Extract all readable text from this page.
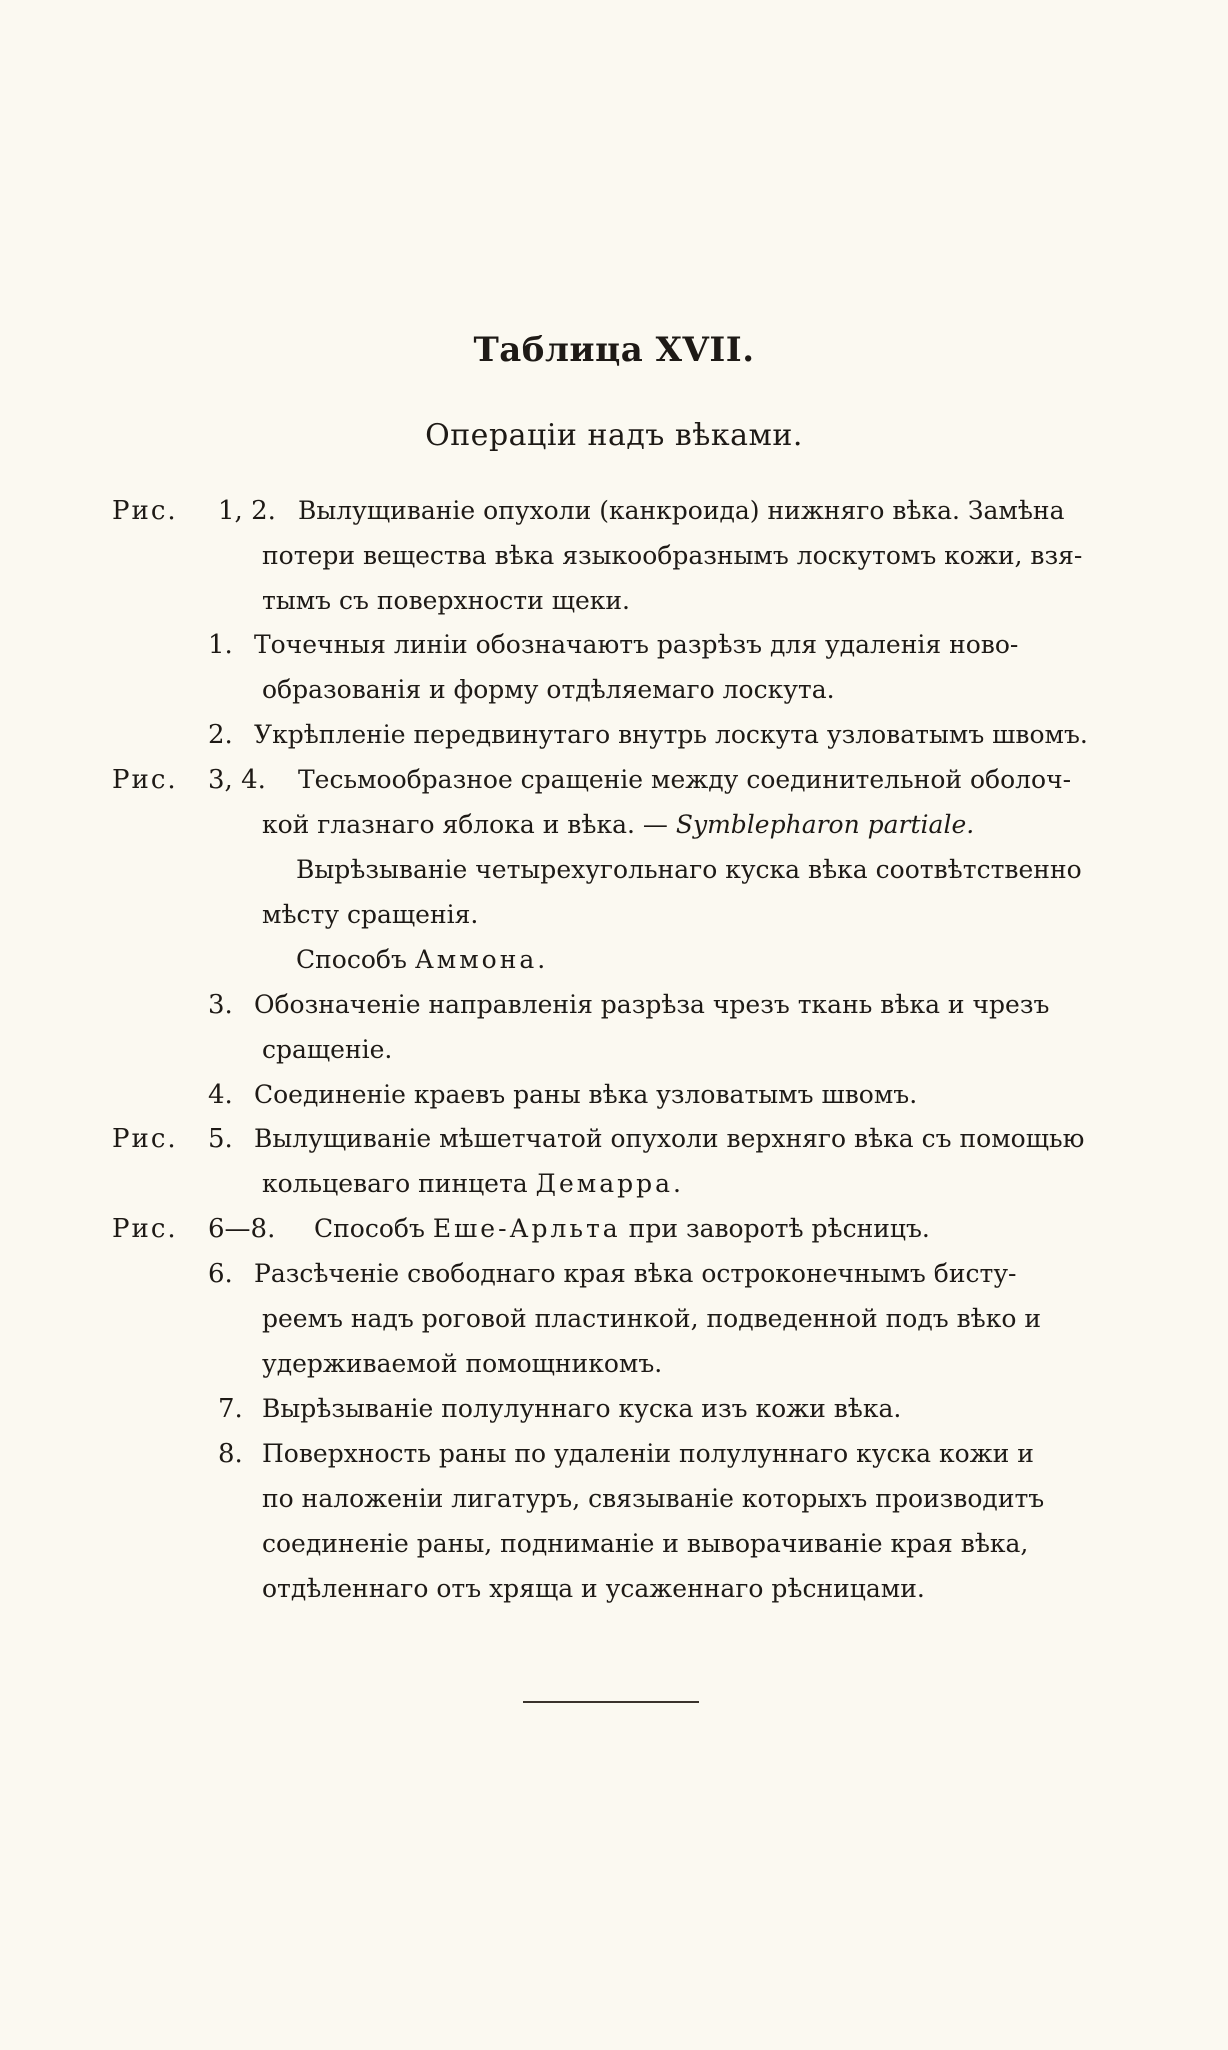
Таблица XVII.
Операціи надъ вѣками.
Рис. 1, 2. Вылущиваніе опухоли (канкроида) нижняго вѣка. Замѣна
потери вещества вѣка языкообразнымъ лоскутомъ кожи, взя-
тымъ съ поверхности щеки.
1. Точечныя линіи обозначаютъ разрѣзъ для удаленія ново-
образованія и форму отдѣляемаго лоскута.
2. Укрѣпленіе передвинутаго внутрь лоскута узловатымъ швомъ.
Рис. 3, 4. Тесьмообразное сращеніе между соединительной оболоч-
кой глазнаго яблока и вѣка. — Symblepharon partiale.
Вырѣзываніе четырехугольнаго куска вѣка соотвѣтственно
мѣсту сращенія.
Способъ Аммона.
3. Обозначеніе направленія разрѣза чрезъ ткань вѣка и чрезъ
сращеніе.
4. Соединеніе краевъ раны вѣка узловатымъ швомъ.
Рис. 5. Вылущиваніе мѣшетчатой опухоли верхняго вѣка съ помощью
кольцеваго пинцета Демарра.
Рис. 6—8. Способъ Еше-Арльта при заворотѣ рѣсницъ.
6. Разсѣченіе свободнаго края вѣка остроконечнымъ бисту-
реемъ надъ роговой пластинкой, подведенной подъ вѣко и
удерживаемой помощникомъ.
7. Вырѣзываніе полулуннаго куска изъ кожи вѣка.
8. Поверхность раны по удаленіи полулуннаго куска кожи и
по наложеніи лигатуръ, связываніе которыхъ производитъ
соединеніе раны, подниманіе и выворачиваніе края вѣка,
отдѣленнаго отъ хряща и усаженнаго рѣсницами.
